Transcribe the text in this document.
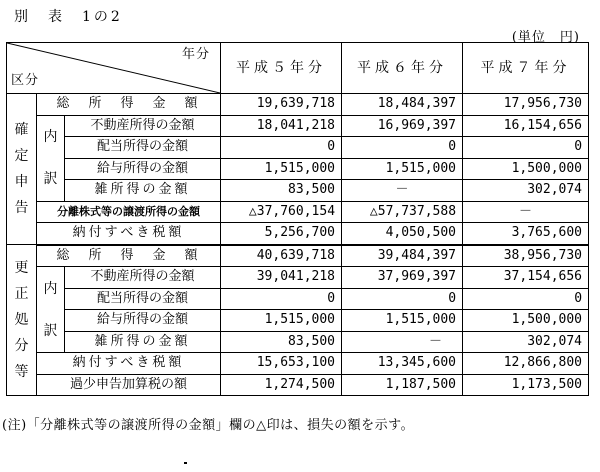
別　表　1の2
(単位　円)
年分
区分			平成５年分	平成６年分	平成７年分

確
定
申
告	総　所　得　金　額		19,639,718	18,484,397	17,956,730

	内
訳	不動産所得の金額	18,041,218	16,969,397	16,154,656
		配当所得の金額	0	0	0
		給与所得の金額	1,515,000	1,515,000	1,500,000
		雑所得の金額	83,500	－	302,074
	分離株式等の譲渡所得の金額		△37,760,154	△57,737,588	－
	納付すべき税額		5,256,700	4,050,500	3,765,600

更
正
処
分
等	総　所　得　金　額		40,639,718	39,484,397	38,956,730

	内
訳	不動産所得の金額	39,041,218	37,969,397	37,154,656
		配当所得の金額	0	0	0
		給与所得の金額	1,515,000	1,515,000	1,500,000
		雑所得の金額	83,500	－	302,074
	納付すべき税額		15,653,100	13,345,600	12,866,800
	過少申告加算税の額		1,274,500	1,187,500	1,173,500
(注)「分離株式等の譲渡所得の金額」欄の△印は、損失の額を示す。
